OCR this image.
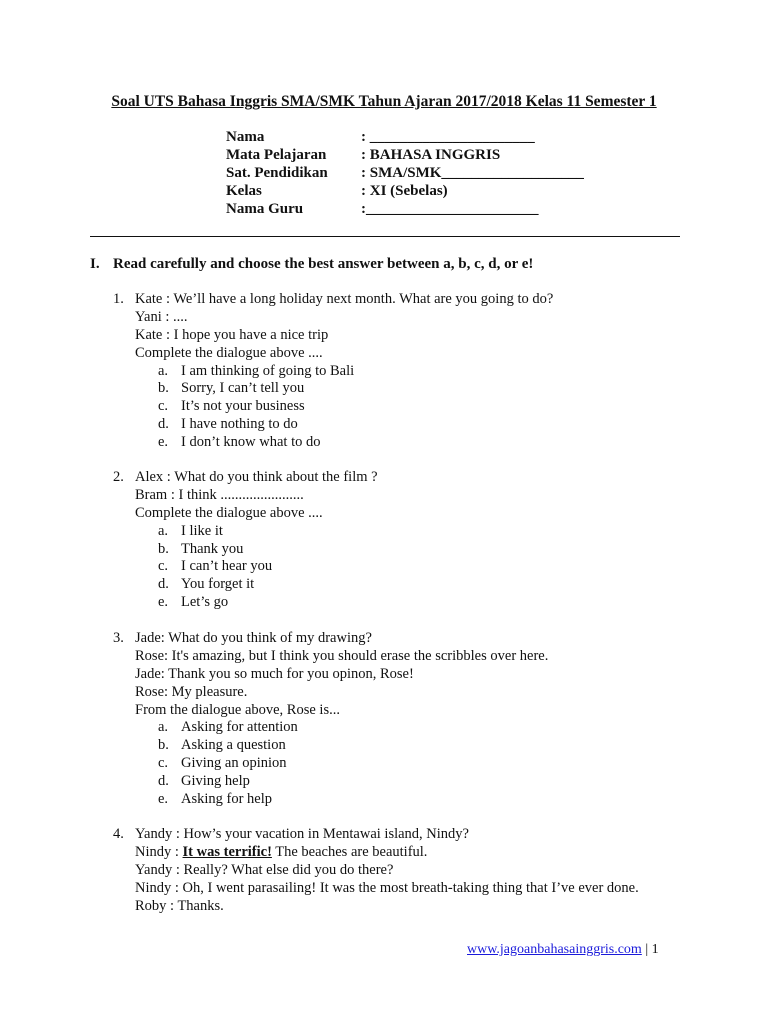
Soal UTS Bahasa Inggris SMA/SMK Tahun Ajaran 2017/2018 Kelas 11 Semester 1
Nama	: ______________________
Mata Pelajaran : BAHASA INGGRIS
Sat. Pendidikan : SMA/SMK___________________
Kelas	: XI (Sebelas)
Nama Guru	:_______________________
I. Read carefully and choose the best answer between a, b, c, d, or e!
1. Kate : We’ll have a long holiday next month. What are you going to do?
Yani : ....
Kate : I hope you have a nice trip
Complete the dialogue above ....
a. I am thinking of going to Bali
b. Sorry, I can’t tell you
c. It’s not your business
d. I have nothing to do
e. I don’t know what to do
2. Alex : What do you think about the film ?
Bram : I think .......................
Complete the dialogue above ....
a. I like it
b. Thank you
c. I can’t hear you
d. You forget it
e. Let’s go
3. Jade: What do you think of my drawing?
Rose: It's amazing, but I think you should erase the scribbles over here.
Jade: Thank you so much for you opinon, Rose!
Rose: My pleasure.
From the dialogue above, Rose is...
a. Asking for attention
b. Asking a question
c. Giving an opinion
d. Giving help
e. Asking for help
4. Yandy : How’s your vacation in Mentawai island, Nindy?
Nindy : It was terrific! The beaches are beautiful.
Yandy : Really? What else did you do there?
Nindy : Oh, I went parasailing! It was the most breath-taking thing that I’ve ever done.
Roby : Thanks.
www.jagoanbahasainggris.com | 1
